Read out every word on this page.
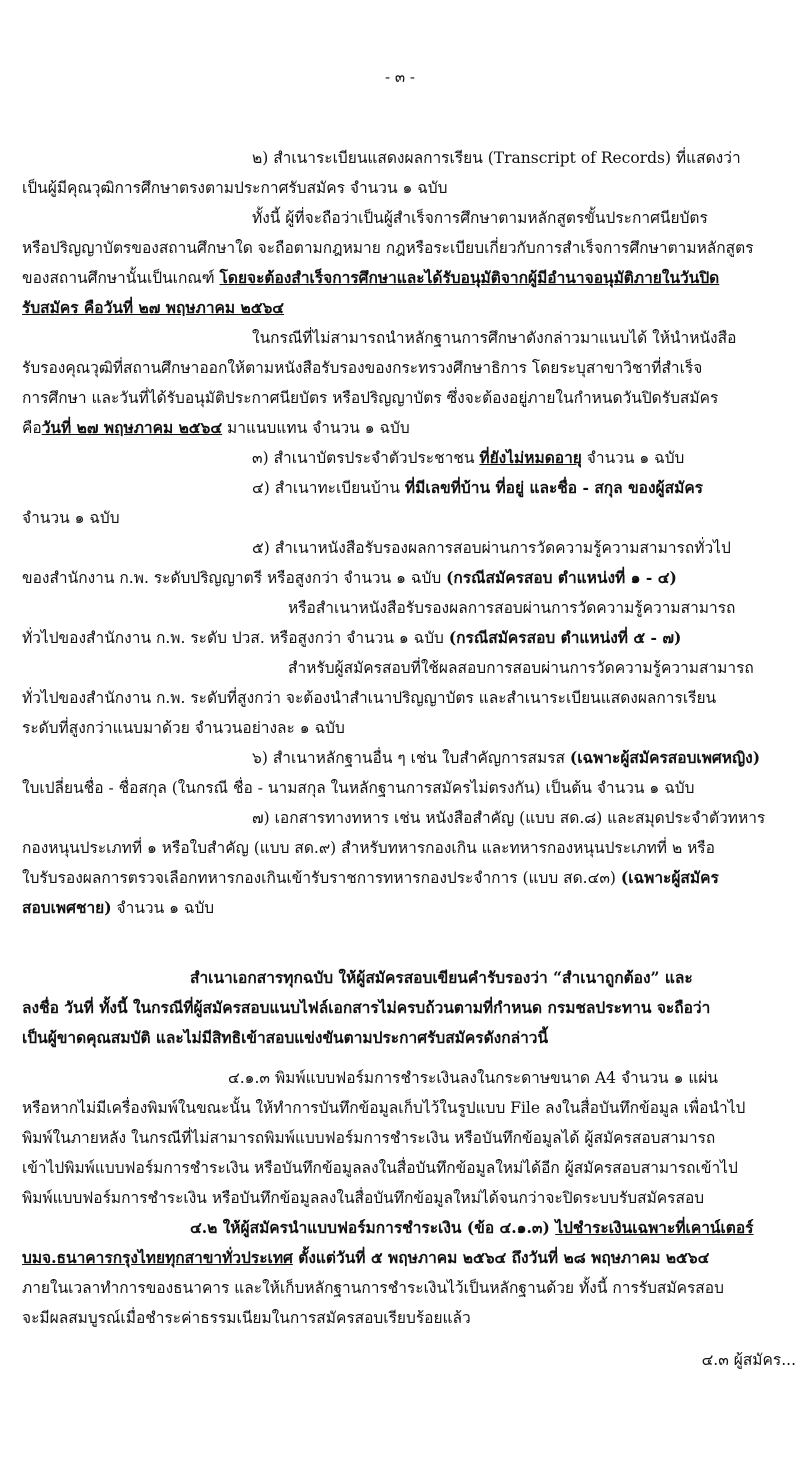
- ๓ -
๒) สำเนาระเบียนแสดงผลการเรียน (Transcript of Records) ที่แสดงว่า
เป็นผู้มีคุณวุฒิการศึกษาตรงตามประกาศรับสมัคร จำนวน ๑ ฉบับ
ทั้งนี้ ผู้ที่จะถือว่าเป็นผู้สำเร็จการศึกษาตามหลักสูตรขั้นประกาศนียบัตร
หรือปริญญาบัตรของสถานศึกษาใด จะถือตามกฎหมาย กฎหรือระเบียบเกี่ยวกับการสำเร็จการศึกษาตามหลักสูตร
ของสถานศึกษานั้นเป็นเกณฑ์ โดยจะต้องสำเร็จการศึกษาและได้รับอนุมัติจากผู้มีอำนาจอนุมัติภายในวันปิด
รับสมัคร คือวันที่ ๒๗ พฤษภาคม ๒๕๖๔
ในกรณีที่ไม่สามารถนำหลักฐานการศึกษาดังกล่าวมาแนบได้ ให้นำหนังสือ
รับรองคุณวุฒิที่สถานศึกษาออกให้ตามหนังสือรับรองของกระทรวงศึกษาธิการ โดยระบุสาขาวิชาที่สำเร็จ
การศึกษา และวันที่ได้รับอนุมัติประกาศนียบัตร หรือปริญญาบัตร ซึ่งจะต้องอยู่ภายในกำหนดวันปิดรับสมัคร
คือวันที่ ๒๗ พฤษภาคม ๒๕๖๔ มาแนบแทน จำนวน ๑ ฉบับ
๓) สำเนาบัตรประจำตัวประชาชน ที่ยังไม่หมดอายุ จำนวน ๑ ฉบับ
๔) สำเนาทะเบียนบ้าน ที่มีเลขที่บ้าน ที่อยู่ และชื่อ - สกุล ของผู้สมัคร
จำนวน ๑ ฉบับ
๕) สำเนาหนังสือรับรองผลการสอบผ่านการวัดความรู้ความสามารถทั่วไป
ของสำนักงาน ก.พ. ระดับปริญญาตรี หรือสูงกว่า จำนวน ๑ ฉบับ (กรณีสมัครสอบ ตำแหน่งที่ ๑ - ๔)
หรือสำเนาหนังสือรับรองผลการสอบผ่านการวัดความรู้ความสามารถ
ทั่วไปของสำนักงาน ก.พ. ระดับ ปวส. หรือสูงกว่า จำนวน ๑ ฉบับ (กรณีสมัครสอบ ตำแหน่งที่ ๕ - ๗)
สำหรับผู้สมัครสอบที่ใช้ผลสอบการสอบผ่านการวัดความรู้ความสามารถ
ทั่วไปของสำนักงาน ก.พ. ระดับที่สูงกว่า จะต้องนำสำเนาปริญญาบัตร และสำเนาระเบียนแสดงผลการเรียน
ระดับที่สูงกว่าแนบมาด้วย จำนวนอย่างละ ๑ ฉบับ
๖) สำเนาหลักฐานอื่น ๆ เช่น ใบสำคัญการสมรส (เฉพาะผู้สมัครสอบเพศหญิง)
ใบเปลี่ยนชื่อ - ชื่อสกุล (ในกรณี ชื่อ - นามสกุล ในหลักฐานการสมัครไม่ตรงกัน) เป็นต้น จำนวน ๑ ฉบับ
๗) เอกสารทางทหาร เช่น หนังสือสำคัญ (แบบ สด.๘) และสมุดประจำตัวทหาร
กองหนุนประเภทที่ ๑ หรือใบสำคัญ (แบบ สด.๙) สำหรับทหารกองเกิน และทหารกองหนุนประเภทที่ ๒ หรือ
ใบรับรองผลการตรวจเลือกทหารกองเกินเข้ารับราชการทหารกองประจำการ (แบบ สด.๔๓) (เฉพาะผู้สมัคร
สอบเพศชาย) จำนวน ๑ ฉบับ
สำเนาเอกสารทุกฉบับ ให้ผู้สมัครสอบเขียนคำรับรองว่า “สำเนาถูกต้อง” และ
ลงชื่อ วันที่ ทั้งนี้ ในกรณีที่ผู้สมัครสอบแนบไฟล์เอกสารไม่ครบถ้วนตามที่กำหนด กรมชลประทาน จะถือว่า
เป็นผู้ขาดคุณสมบัติ และไม่มีสิทธิเข้าสอบแข่งขันตามประกาศรับสมัครดังกล่าวนี้
๔.๑.๓ พิมพ์แบบฟอร์มการชำระเงินลงในกระดาษขนาด A4 จำนวน ๑ แผ่น
หรือหากไม่มีเครื่องพิมพ์ในขณะนั้น ให้ทำการบันทึกข้อมูลเก็บไว้ในรูปแบบ File ลงในสื่อบันทึกข้อมูล เพื่อนำไป
พิมพ์ในภายหลัง ในกรณีที่ไม่สามารถพิมพ์แบบฟอร์มการชำระเงิน หรือบันทึกข้อมูลได้ ผู้สมัครสอบสามารถ
เข้าไปพิมพ์แบบฟอร์มการชำระเงิน หรือบันทึกข้อมูลลงในสื่อบันทึกข้อมูลใหม่ได้อีก ผู้สมัครสอบสามารถเข้าไป
พิมพ์แบบฟอร์มการชำระเงิน หรือบันทึกข้อมูลลงในสื่อบันทึกข้อมูลใหม่ได้จนกว่าจะปิดระบบรับสมัครสอบ
๔.๒ ให้ผู้สมัครนำแบบฟอร์มการชำระเงิน (ข้อ ๔.๑.๓) ไปชำระเงินเฉพาะที่เคาน์เตอร์
บมจ.ธนาคารกรุงไทยทุกสาขาทั่วประเทศ ตั้งแต่วันที่ ๕ พฤษภาคม ๒๕๖๔ ถึงวันที่ ๒๘ พฤษภาคม ๒๕๖๔
ภายในเวลาทำการของธนาคาร และให้เก็บหลักฐานการชำระเงินไว้เป็นหลักฐานด้วย ทั้งนี้ การรับสมัครสอบ
จะมีผลสมบูรณ์เมื่อชำระค่าธรรมเนียมในการสมัครสอบเรียบร้อยแล้ว
๔.๓ ผู้สมัคร...
